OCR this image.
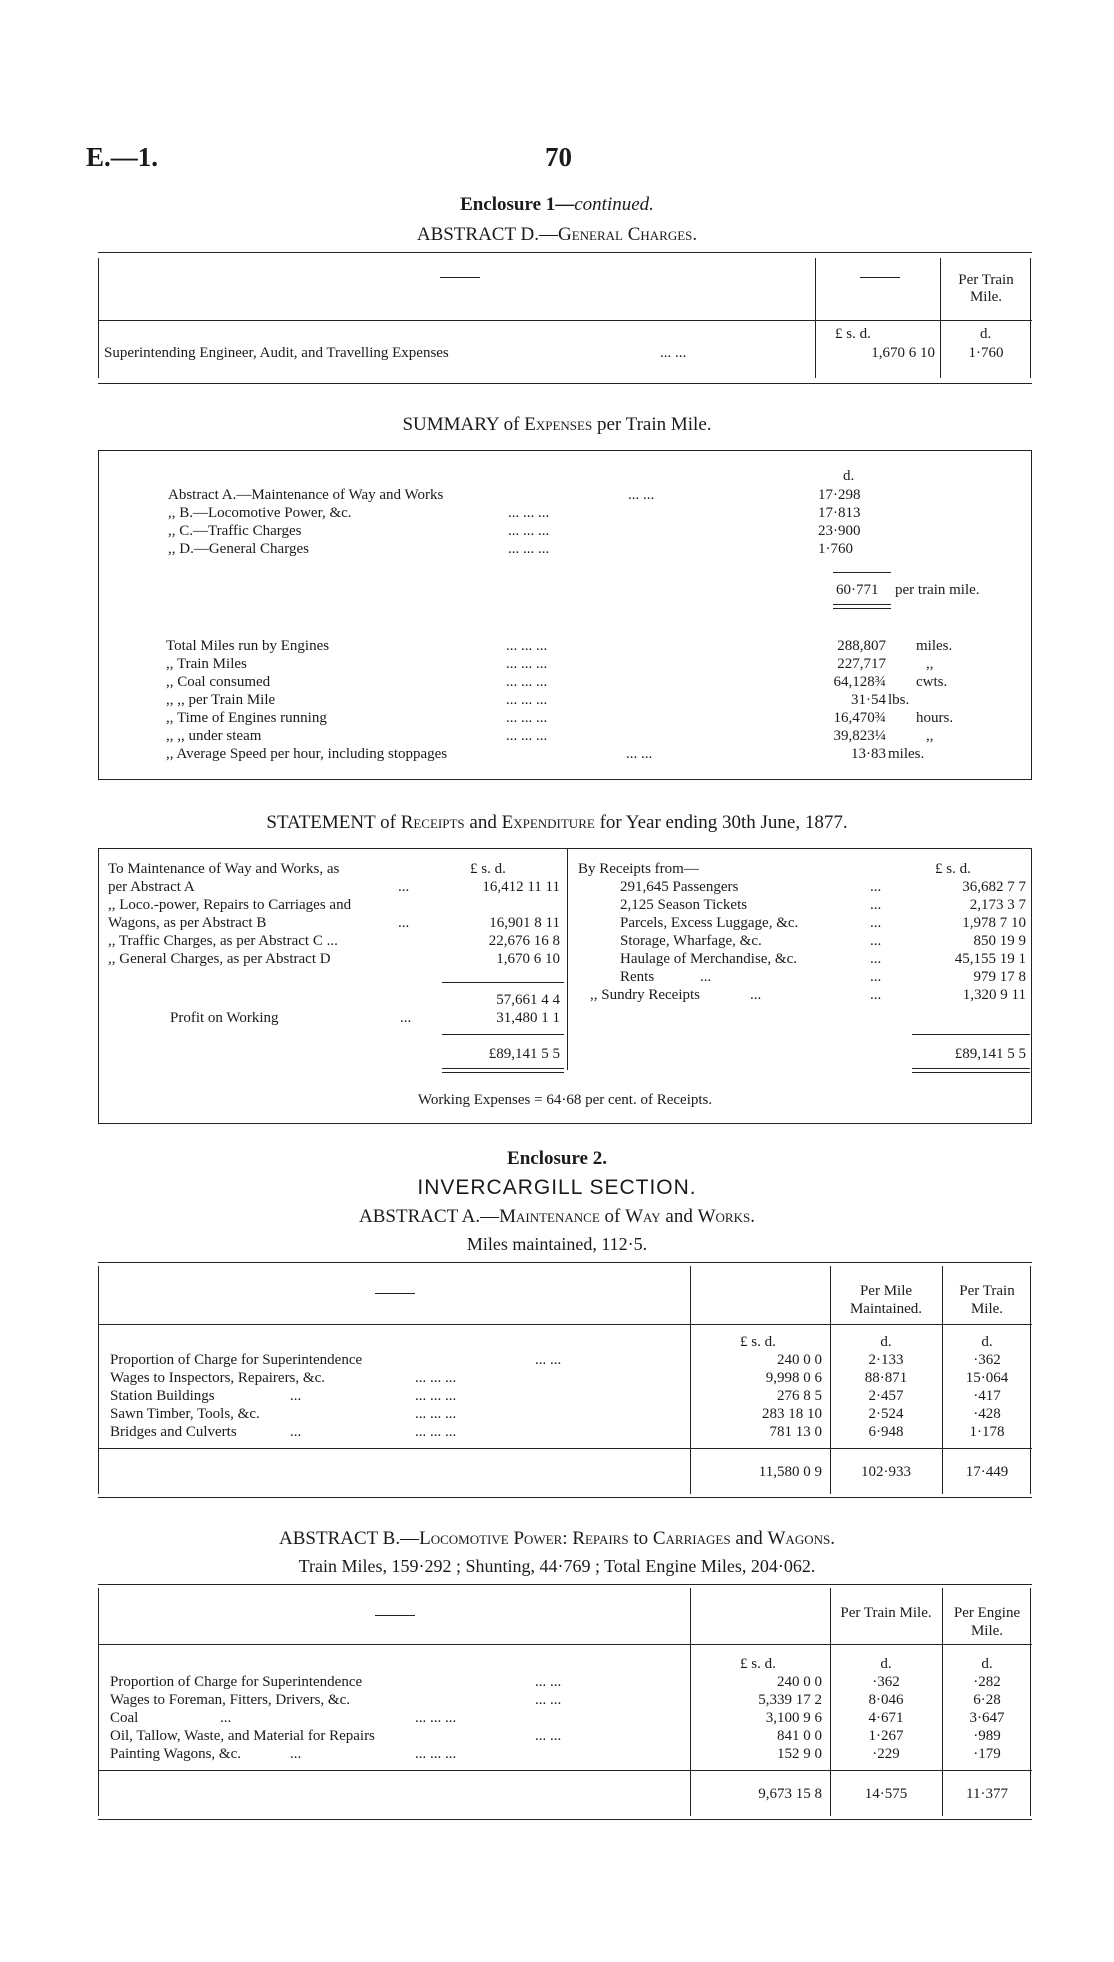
E.—1.	70
Enclosure 1—continued.
ABSTRACT D.—General Charges.
Per Train Mile.
£ s. d.	d.
Superintending Engineer, Audit, and Travelling Expenses	... ...	1,670 6 10	1·760
SUMMARY of Expenses per Train Mile.
d.
Abstract A.—Maintenance of Way and Works	... ...	17·298
,, B.—Locomotive Power, &c.	... ... ...	17·813
,, C.—Traffic Charges	... ... ...	23·900
,, D.—General Charges	... ... ...	1·760
60·771 per train mile.
Total Miles run by Engines	... ... ...	288,807 miles.
,, Train Miles	... ... ...	227,717	,,
,, Coal consumed	... ... ...	64,128¾ cwts.
,, ,, per Train Mile	... ... ...	31·54 lbs.
,, Time of Engines running	... ... ...	16,470¾ hours.
,, ,, under steam	... ... ...	39,823¼	,,
,, Average Speed per hour, including stoppages	... ...	13·83 miles.
STATEMENT of Receipts and Expenditure for Year ending 30th June, 1877.
£ s. d.
To Maintenance of Way and Works, as
per Abstract A	...	16,412 11 11
,, Loco.-power, Repairs to Carriages and
Wagons, as per Abstract B	...	16,901 8 11
,, Traffic Charges, as per Abstract C ...	22,676 16 8
,, General Charges, as per Abstract D	1,670 6 10
57,661 4 4
Profit on Working	...	31,480 1 1
£89,141 5 5
By Receipts from—	£ s. d.
291,645 Passengers	...	36,682 7 7
2,125 Season Tickets	...	2,173 3 7
Parcels, Excess Luggage, &c.	...	1,978 7 10
Storage, Wharfage, &c.	...	850 19 9
Haulage of Merchandise, &c.	...	45,155 19 1
Rents	...	...	979 17 8
,, Sundry Receipts	...	...	1,320 9 11
£89,141 5 5
Working Expenses = 64·68 per cent. of Receipts.
Enclosure 2.
INVERCARGILL SECTION.
ABSTRACT A.—Maintenance of Way and Works.
Miles maintained, 112·5.
Per Mile Maintained.
Per Train Mile.
£ s. d.	d.	d.
Proportion of Charge for Superintendence	... ...	240 0 0	2·133	·362
Wages to Inspectors, Repairers, &c.	... ... ...	9,998 0 6	88·871	15·064
Station Buildings	...	... ... ...	276 8 5	2·457	·417
Sawn Timber, Tools, &c.	... ... ...	283 18 10	2·524	·428
Bridges and Culverts	...	... ... ...	781 13 0	6·948	1·178
11,580 0 9	102·933	17·449
ABSTRACT B.—Locomotive Power: Repairs to Carriages and Wagons.
Train Miles, 159·292 ; Shunting, 44·769 ; Total Engine Miles, 204·062.
Per Train Mile.	Per Engine Mile.
£ s. d.	d.	d.
Proportion of Charge for Superintendence	... ...	240 0 0	·362	·282
Wages to Foreman, Fitters, Drivers, &c.	... ...	5,339 17 2	8·046	6·28
Coal	...	... ... ...	3,100 9 6	4·671	3·647
Oil, Tallow, Waste, and Material for Repairs	... ...	841 0 0	1·267	·989
Painting Wagons, &c.	...	... ... ...	152 9 0	·229	·179
9,673 15 8	14·575	11·377
